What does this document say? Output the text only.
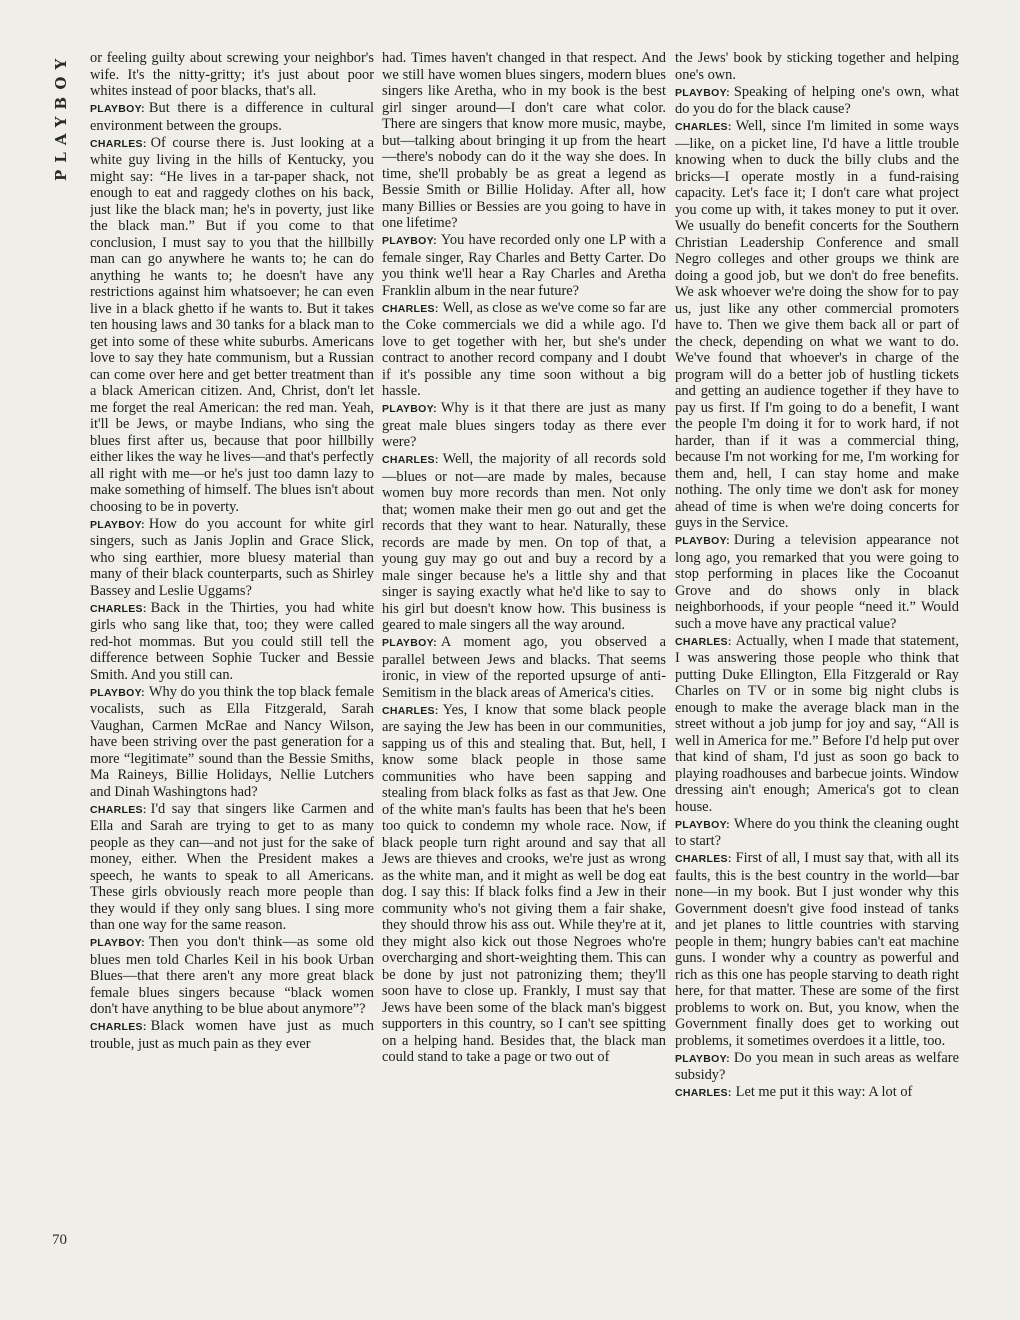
PLAYBOY or feeling guilty about screwing your neighbor's wife. It's the nitty-gritty; it's just about poor whites instead of poor blacks, that's all.

PLAYBOY: But there is a difference in cultural environment between the groups.

CHARLES: Of course there is. Just looking at a white guy living in the hills of Kentucky, you might say: “He lives in a tar-paper shack, not enough to eat and raggedy clothes on his back, just like the black man; he's in poverty, just like the black man.” But if you come to that conclusion, I must say to you that the hillbilly man can go anywhere he wants to; he can do anything he wants to; he doesn't have any restrictions against him whatsoever; he can even live in a black ghetto if he wants to. But it takes ten housing laws and 30 tanks for a black man to get into some of these white suburbs. Americans love to say they hate communism, but a Russian can come over here and get better treatment than a black American citizen. And, Christ, don't let me forget the real American: the red man. Yeah, it'll be Jews, or maybe Indians, who sing the blues first after us, because that poor hillbilly either likes the way he lives—and that's perfectly all right with me—or he's just too damn lazy to make something of himself. The blues isn't about choosing to be in poverty.

PLAYBOY: How do you account for white girl singers, such as Janis Joplin and Grace Slick, who sing earthier, more bluesy material than many of their black counterparts, such as Shirley Bassey and Leslie Uggams?

CHARLES: Back in the Thirties, you had white girls who sang like that, too; they were called red-hot mommas. But you could still tell the difference between Sophie Tucker and Bessie Smith. And you still can.

PLAYBOY: Why do you think the top black female vocalists, such as Ella Fitzgerald, Sarah Vaughan, Carmen McRae and Nancy Wilson, have been striving over the past generation for a more “legitimate” sound than the Bessie Smiths, Ma Raineys, Billie Holidays, Nellie Lutchers and Dinah Washingtons had?

CHARLES: I'd say that singers like Carmen and Ella and Sarah are trying to get to as many people as they can—and not just for the sake of money, either. When the President makes a speech, he wants to speak to all Americans. These girls obviously reach more people than they would if they only sang blues. I sing more than one way for the same reason.

PLAYBOY: Then you don't think—as some old blues men told Charles Keil in his book Urban Blues—that there aren't any more great black female blues singers because “black women don't have anything to be blue about anymore”?

CHARLES: Black women have just as much trouble, just as much pain as they ever

had. Times haven't changed in that respect. And we still have women blues singers, modern blues singers like Aretha, who in my book is the best girl singer around—I don't care what color. There are singers that know more music, maybe, but—talking about bringing it up from the heart—there's nobody can do it the way she does. In time, she'll probably be as great a legend as Bessie Smith or Billie Holiday. After all, how many Billies or Bessies are you going to have in one lifetime?

PLAYBOY: You have recorded only one LP with a female singer, Ray Charles and Betty Carter. Do you think we'll hear a Ray Charles and Aretha Franklin album in the near future?

CHARLES: Well, as close as we've come so far are the Coke commercials we did a while ago. I'd love to get together with her, but she's under contract to another record company and I doubt if it's possible any time soon without a big hassle.

PLAYBOY: Why is it that there are just as many great male blues singers today as there ever were?

CHARLES: Well, the majority of all records sold—blues or not—are made by males, because women buy more records than men. Not only that; women make their men go out and get the records that they want to hear. Naturally, these records are made by men. On top of that, a young guy may go out and buy a record by a male singer because he's a little shy and that singer is saying exactly what he'd like to say to his girl but doesn't know how. This business is geared to male singers all the way around.

PLAYBOY: A moment ago, you observed a parallel between Jews and blacks. That seems ironic, in view of the reported upsurge of anti-Semitism in the black areas of America's cities.

CHARLES: Yes, I know that some black people are saying the Jew has been in our communities, sapping us of this and stealing that. But, hell, I know some black people in those same communities who have been sapping and stealing from black folks as fast as that Jew. One of the white man's faults has been that he's been too quick to condemn my whole race. Now, if black people turn right around and say that all Jews are thieves and crooks, we're just as wrong as the white man, and it might as well be dog eat dog. I say this: If black folks find a Jew in their community who's not giving them a fair shake, they should throw his ass out. While they're at it, they might also kick out those Negroes who're overcharging and short-weighting them. This can be done by just not patronizing them; they'll soon have to close up. Frankly, I must say that Jews have been some of the black man's biggest supporters in this country, so I can't see spitting on a helping hand. Besides that, the black man could stand to take a page or two out of

the Jews' book by sticking together and helping one's own.

PLAYBOY: Speaking of helping one's own, what do you do for the black cause?

CHARLES: Well, since I'm limited in some ways—like, on a picket line, I'd have a little trouble knowing when to duck the billy clubs and the bricks—I operate mostly in a fund-raising capacity. Let's face it; I don't care what project you come up with, it takes money to put it over. We usually do benefit concerts for the Southern Christian Leadership Conference and small Negro colleges and other groups we think are doing a good job, but we don't do free benefits. We ask whoever we're doing the show for to pay us, just like any other commercial promoters have to. Then we give them back all or part of the check, depending on what we want to do. We've found that whoever's in charge of the program will do a better job of hustling tickets and getting an audience together if they have to pay us first. If I'm going to do a benefit, I want the people I'm doing it for to work hard, if not harder, than if it was a commercial thing, because I'm not working for me, I'm working for them and, hell, I can stay home and make nothing. The only time we don't ask for money ahead of time is when we're doing concerts for guys in the Service.

PLAYBOY: During a television appearance not long ago, you remarked that you were going to stop performing in places like the Cocoanut Grove and do shows only in black neighborhoods, if your people “need it.” Would such a move have any practical value?

CHARLES: Actually, when I made that statement, I was answering those people who think that putting Duke Ellington, Ella Fitzgerald or Ray Charles on TV or in some big night clubs is enough to make the average black man in the street without a job jump for joy and say, “All is well in America for me.” Before I'd help put over that kind of sham, I'd just as soon go back to playing roadhouses and barbecue joints. Window dressing ain't enough; America's got to clean house.

PLAYBOY: Where do you think the cleaning ought to start?

CHARLES: First of all, I must say that, with all its faults, this is the best country in the world—bar none—in my book. But I just wonder why this Government doesn't give food instead of tanks and jet planes to little countries with starving people in them; hungry babies can't eat machine guns. I wonder why a country as powerful and rich as this one has people starving to death right here, for that matter. These are some of the first problems to work on. But, you know, when the Government finally does get to working out problems, it sometimes overdoes it a little, too.

PLAYBOY: Do you mean in such areas as welfare subsidy?

CHARLES: Let me put it this way: A lot of

70
